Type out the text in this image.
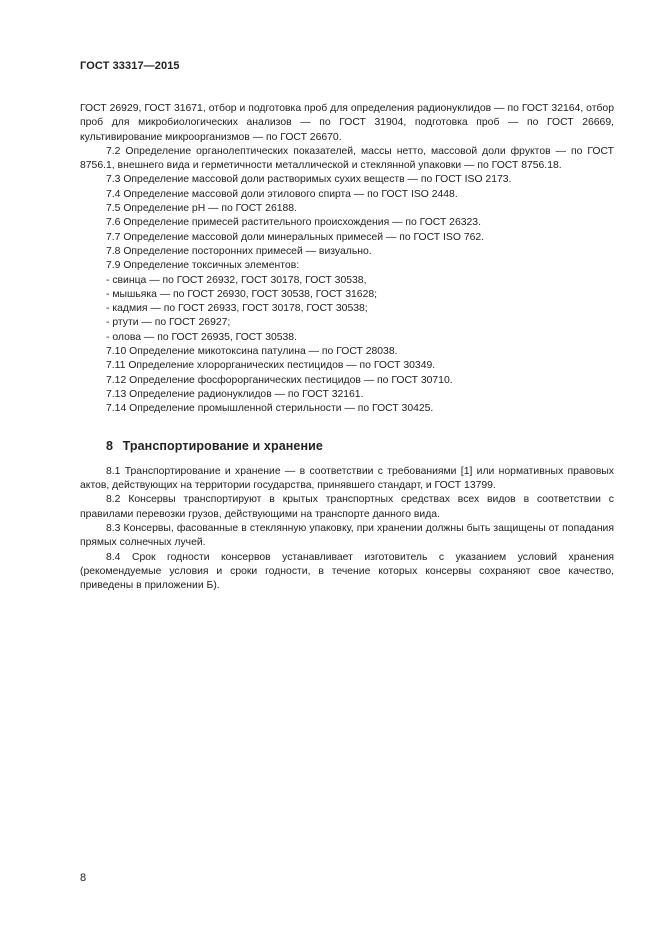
ГОСТ 33317—2015

ГОСТ 26929, ГОСТ 31671, отбор и подготовка проб для определения радионуклидов — по ГОСТ 32164, отбор проб для микробиологических анализов — по ГОСТ 31904, подготовка проб — по ГОСТ 26669, культивирование микроорганизмов — по ГОСТ 26670.

7.2 Определение органолептических показателей, массы нетто, массовой доли фруктов — по ГОСТ 8756.1, внешнего вида и герметичности металлической и стеклянной упаковки — по ГОСТ 8756.18.

7.3 Определение массовой доли растворимых сухих веществ — по ГОСТ ISO 2173.

7.4 Определение массовой доли этилового спирта — по ГОСТ ISO 2448.

7.5 Определение pH — по ГОСТ 26188.

7.6 Определение примесей растительного происхождения — по ГОСТ 26323.

7.7 Определение массовой доли минеральных примесей — по ГОСТ ISO 762.

7.8 Определение посторонних примесей — визуально.

7.9 Определение токсичных элементов:

- свинца — по ГОСТ 26932, ГОСТ 30178, ГОСТ 30538,

- мышьяка — по ГОСТ 26930, ГОСТ 30538, ГОСТ 31628;

- кадмия — по ГОСТ 26933, ГОСТ 30178, ГОСТ 30538;

- ртути — по ГОСТ 26927;

- олова — по ГОСТ 26935, ГОСТ 30538.

7.10 Определение микотоксина патулина — по ГОСТ 28038.

7.11 Определение хлорорганических пестицидов — по ГОСТ 30349.

7.12 Определение фосфорорганических пестицидов — по ГОСТ 30710.

7.13 Определение радионуклидов — по ГОСТ 32161.

7.14 Определение промышленной стерильности — по ГОСТ 30425.

8 Транспортирование и хранение

8.1 Транспортирование и хранение — в соответствии с требованиями [1] или нормативных правовых актов, действующих на территории государства, принявшего стандарт, и ГОСТ 13799.

8.2 Консервы транспортируют в крытых транспортных средствах всех видов в соответствии с правилами перевозки грузов, действующими на транспорте данного вида.

8.3 Консервы, фасованные в стеклянную упаковку, при хранении должны быть защищены от попадания прямых солнечных лучей.

8.4 Срок годности консервов устанавливает изготовитель с указанием условий хранения (рекомендуемые условия и сроки годности, в течение которых консервы сохраняют свое качество, приведены в приложении Б).

8
